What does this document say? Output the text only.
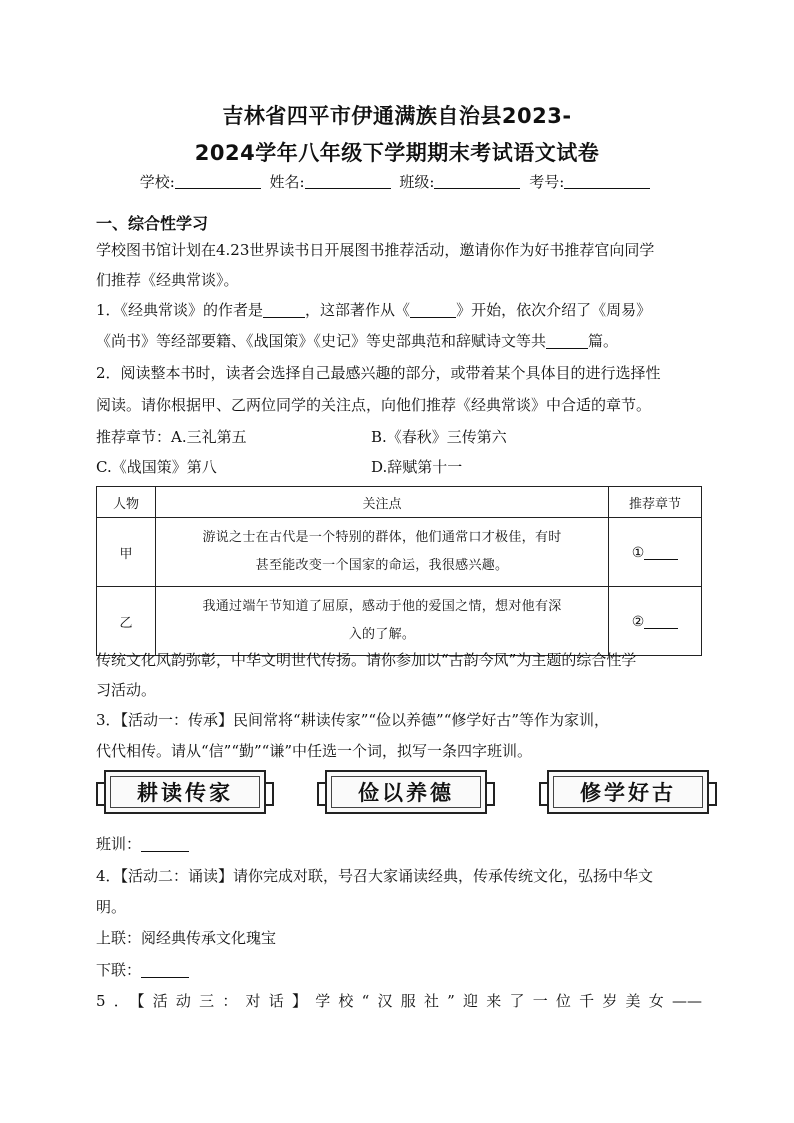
吉林省四平市伊通满族自治县2023-
2024学年八年级下学期期末考试语文试卷
学校:	姓名:	班级:	考号:
一、综合性学习
学校图书馆计划在4.23世界读书日开展图书推荐活动，邀请你作为好书推荐官向同学
们推荐《经典常谈》。
1．《经典常谈》的作者是	，这部著作从《	》开始，依次介绍了《周易》
《尚书》等经部要籍、《战国策》《史记》等史部典范和辞赋诗文等共	篇。
2．阅读整本书时，读者会选择自己最感兴趣的部分，或带着某个具体目的进行选择性
阅读。请你根据甲、乙两位同学的关注点，向他们推荐《经典常谈》中合适的章节。
推荐章节：A.三礼第五	B.《春秋》三传第六
C.《战国策》第八	D.辞赋第十一
人物	关注点	推荐章节
甲	游说之士在古代是一个特别的群体，他们通常口才极佳，有时
甚至能改变一个国家的命运，我很感兴趣。	①
乙	我通过端午节知道了屈原，感动于他的爱国之情，想对他有深
入的了解。	②
传统文化风韵弥彰，中华文明世代传扬。请你参加以“古韵今风”为主题的综合性学
习活动。
3．【活动一：传承】民间常将“耕读传家”“俭以养德”“修学好古”等作为家训，
代代相传。请从“信”“勤”“谦”中任选一个词，拟写一条四字班训。
耕读传家	俭以养德	修学好古
班训：
4．【活动二：诵读】请你完成对联，号召大家诵读经典，传承传统文化，弘扬中华文
明。
上联：阅经典传承文化瑰宝
下联：
5．【活动三：对话】学校“汉服社”迎来了一位千岁美女——
